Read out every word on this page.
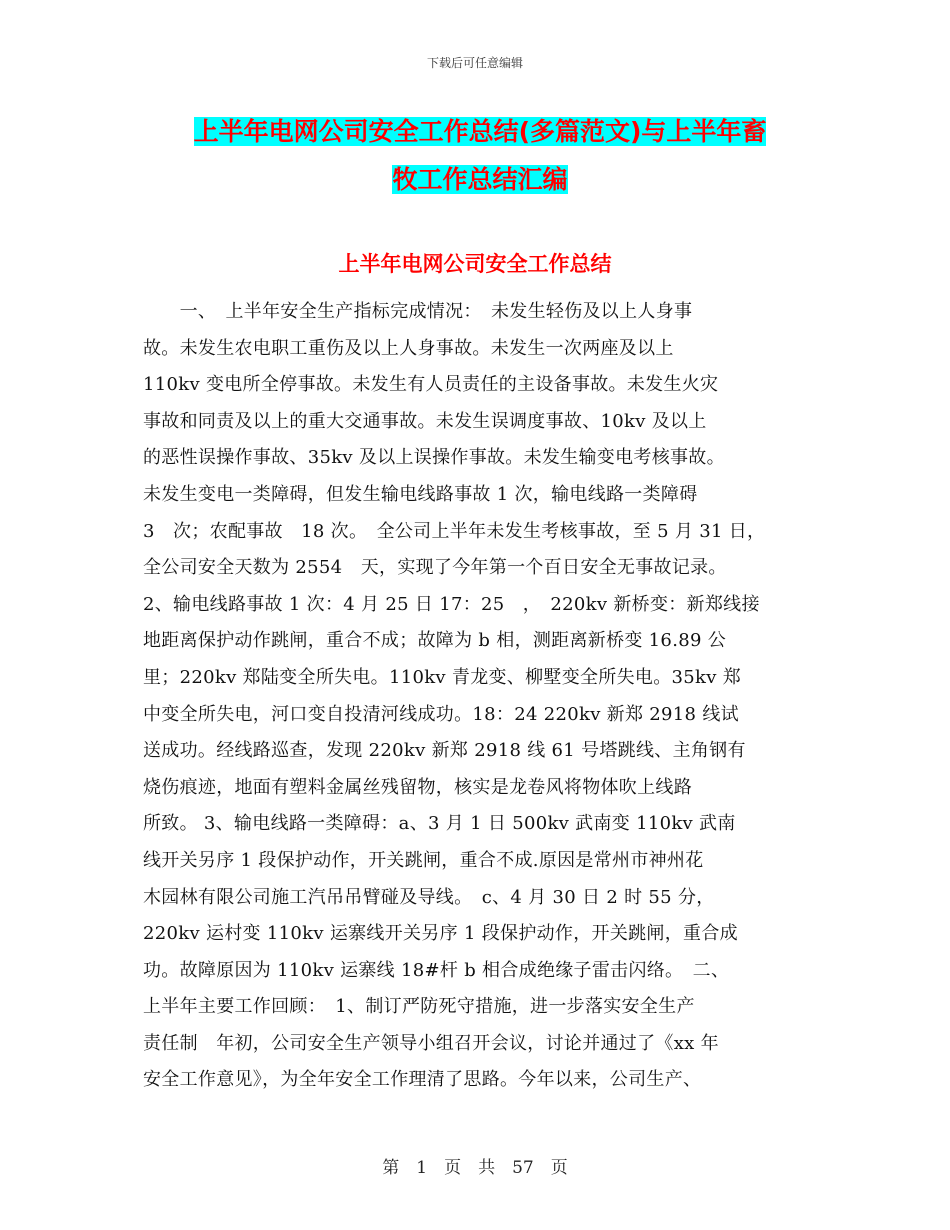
下载后可任意编辑
上半年电网公司安全工作总结(多篇范文)与上半年畜
牧工作总结汇编
上半年电网公司安全工作总结
　　一、　上半年安全生产指标完成情况：　未发生轻伤及以上人身事
故。未发生农电职工重伤及以上人身事故。未发生一次两座及以上
110kv 变电所全停事故。未发生有人员责任的主设备事故。未发生火灾
事故和同责及以上的重大交通事故。未发生误调度事故、10kv 及以上
的恶性误操作事故、35kv 及以上误操作事故。未发生输变电考核事故。
未发生变电一类障碍，但发生输电线路事故 1 次，输电线路一类障碍
3　次；农配事故　18 次。　全公司上半年未发生考核事故，至 5 月 31 日，
全公司安全天数为 2554　天，实现了今年第一个百日安全无事故记录。
2、输电线路事故 1 次：4 月 25 日 17：25　，　220kv 新桥变：新郑线接
地距离保护动作跳闸，重合不成；故障为 b 相，测距离新桥变 16.89 公
里；220kv 郑陆变全所失电。110kv 青龙变、柳墅变全所失电。35kv 郑
中变全所失电，河口变自投清河线成功。18：24 220kv 新郑 2918 线试
送成功。经线路巡查，发现 220kv 新郑 2918 线 61 号塔跳线、主角钢有
烧伤痕迹，地面有塑料金属丝残留物，核实是龙卷风将物体吹上线路
所致。 3、输电线路一类障碍：a、3 月 1 日 500kv 武南变 110kv 武南
线开关另序 1 段保护动作，开关跳闸，重合不成.原因是常州市神州花
木园林有限公司施工汽吊吊臂碰及导线。　c、4 月 30 日 2 时 55 分，
220kv 运村变 110kv 运寨线开关另序 1 段保护动作，开关跳闸，重合成
功。故障原因为 110kv 运寨线 18#杆 b 相合成绝缘子雷击闪络。　二、
上半年主要工作回顾：　1、制订严防死守措施，进一步落实安全生产
责任制　年初，公司安全生产领导小组召开会议，讨论并通过了《xx 年
安全工作意见》，为全年安全工作理清了思路。今年以来，公司生产、
第　1　页　共　57　页
